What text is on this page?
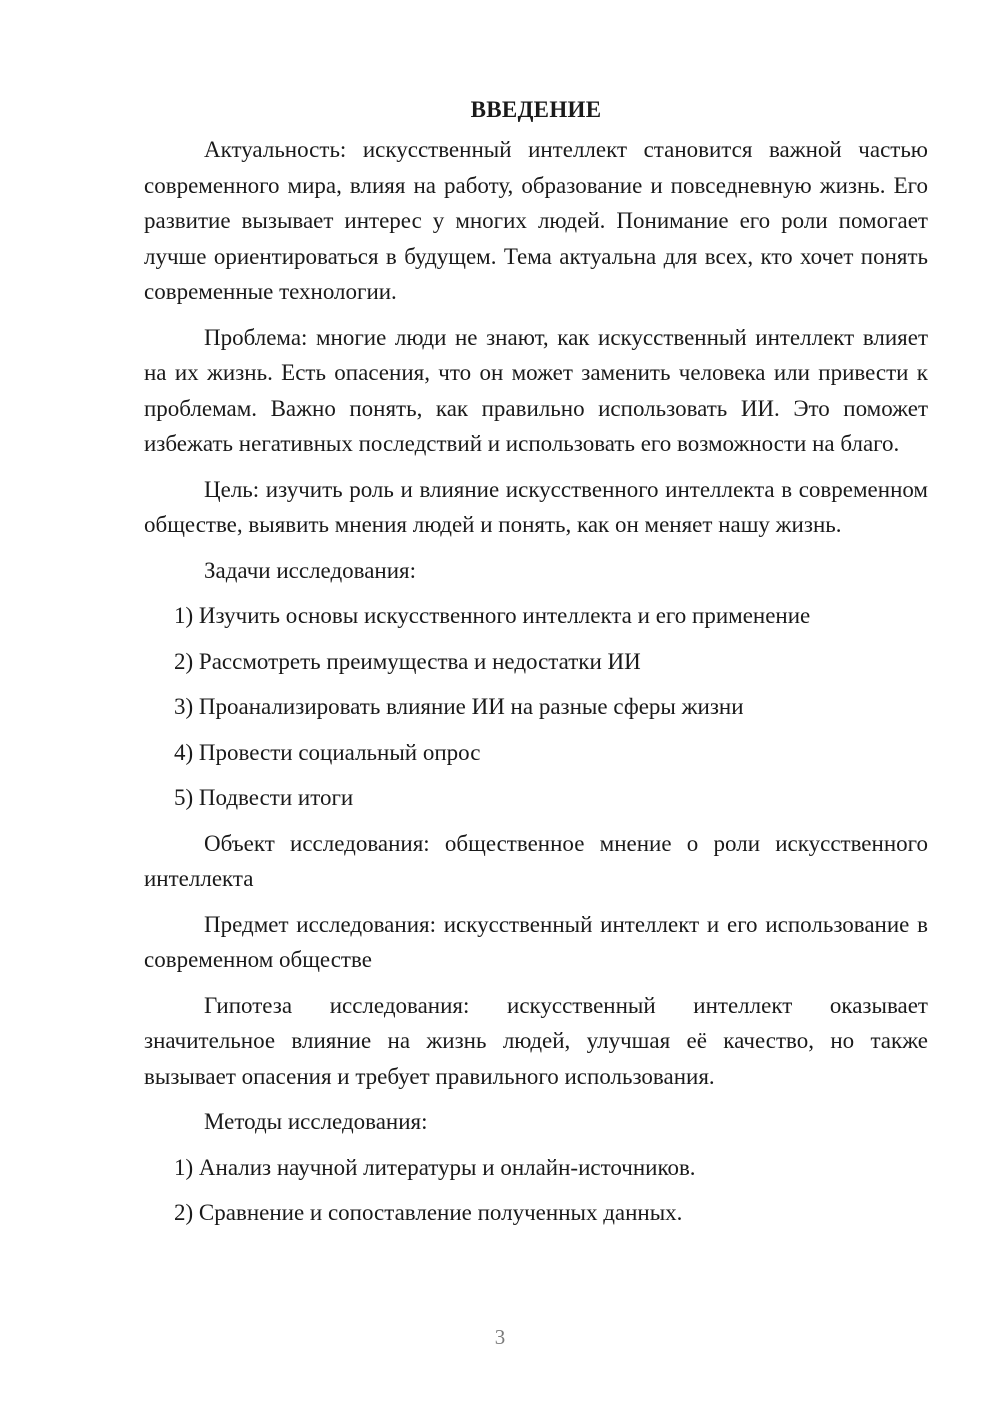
ВВЕДЕНИЕ

Актуальность: искусственный интеллект становится важной частью современного мира, влияя на работу, образование и повседневную жизнь. Его развитие вызывает интерес у многих людей. Понимание его роли помогает лучше ориентироваться в будущем. Тема актуальна для всех, кто хочет понять современные технологии.

Проблема: многие люди не знают, как искусственный интеллект влияет на их жизнь. Есть опасения, что он может заменить человека или привести к проблемам. Важно понять, как правильно использовать ИИ. Это поможет избежать негативных последствий и использовать его возможности на благо.

Цель: изучить роль и влияние искусственного интеллекта в современном обществе, выявить мнения людей и понять, как он меняет нашу жизнь.

Задачи исследования:

1) Изучить основы искусственного интеллекта и его применение
2) Рассмотреть преимущества и недостатки ИИ
3) Проанализировать влияние ИИ на разные сферы жизни
4) Провести социальный опрос
5) Подвести итоги

Объект исследования: общественное мнение о роли искусственного интеллекта

Предмет исследования: искусственный интеллект и его использование в современном обществе

Гипотеза исследования: искусственный интеллект оказывает значительное влияние на жизнь людей, улучшая её качество, но также вызывает опасения и требует правильного использования.

Методы исследования:

1) Анализ научной литературы и онлайн-источников.
2) Сравнение и сопоставление полученных данных.
3
